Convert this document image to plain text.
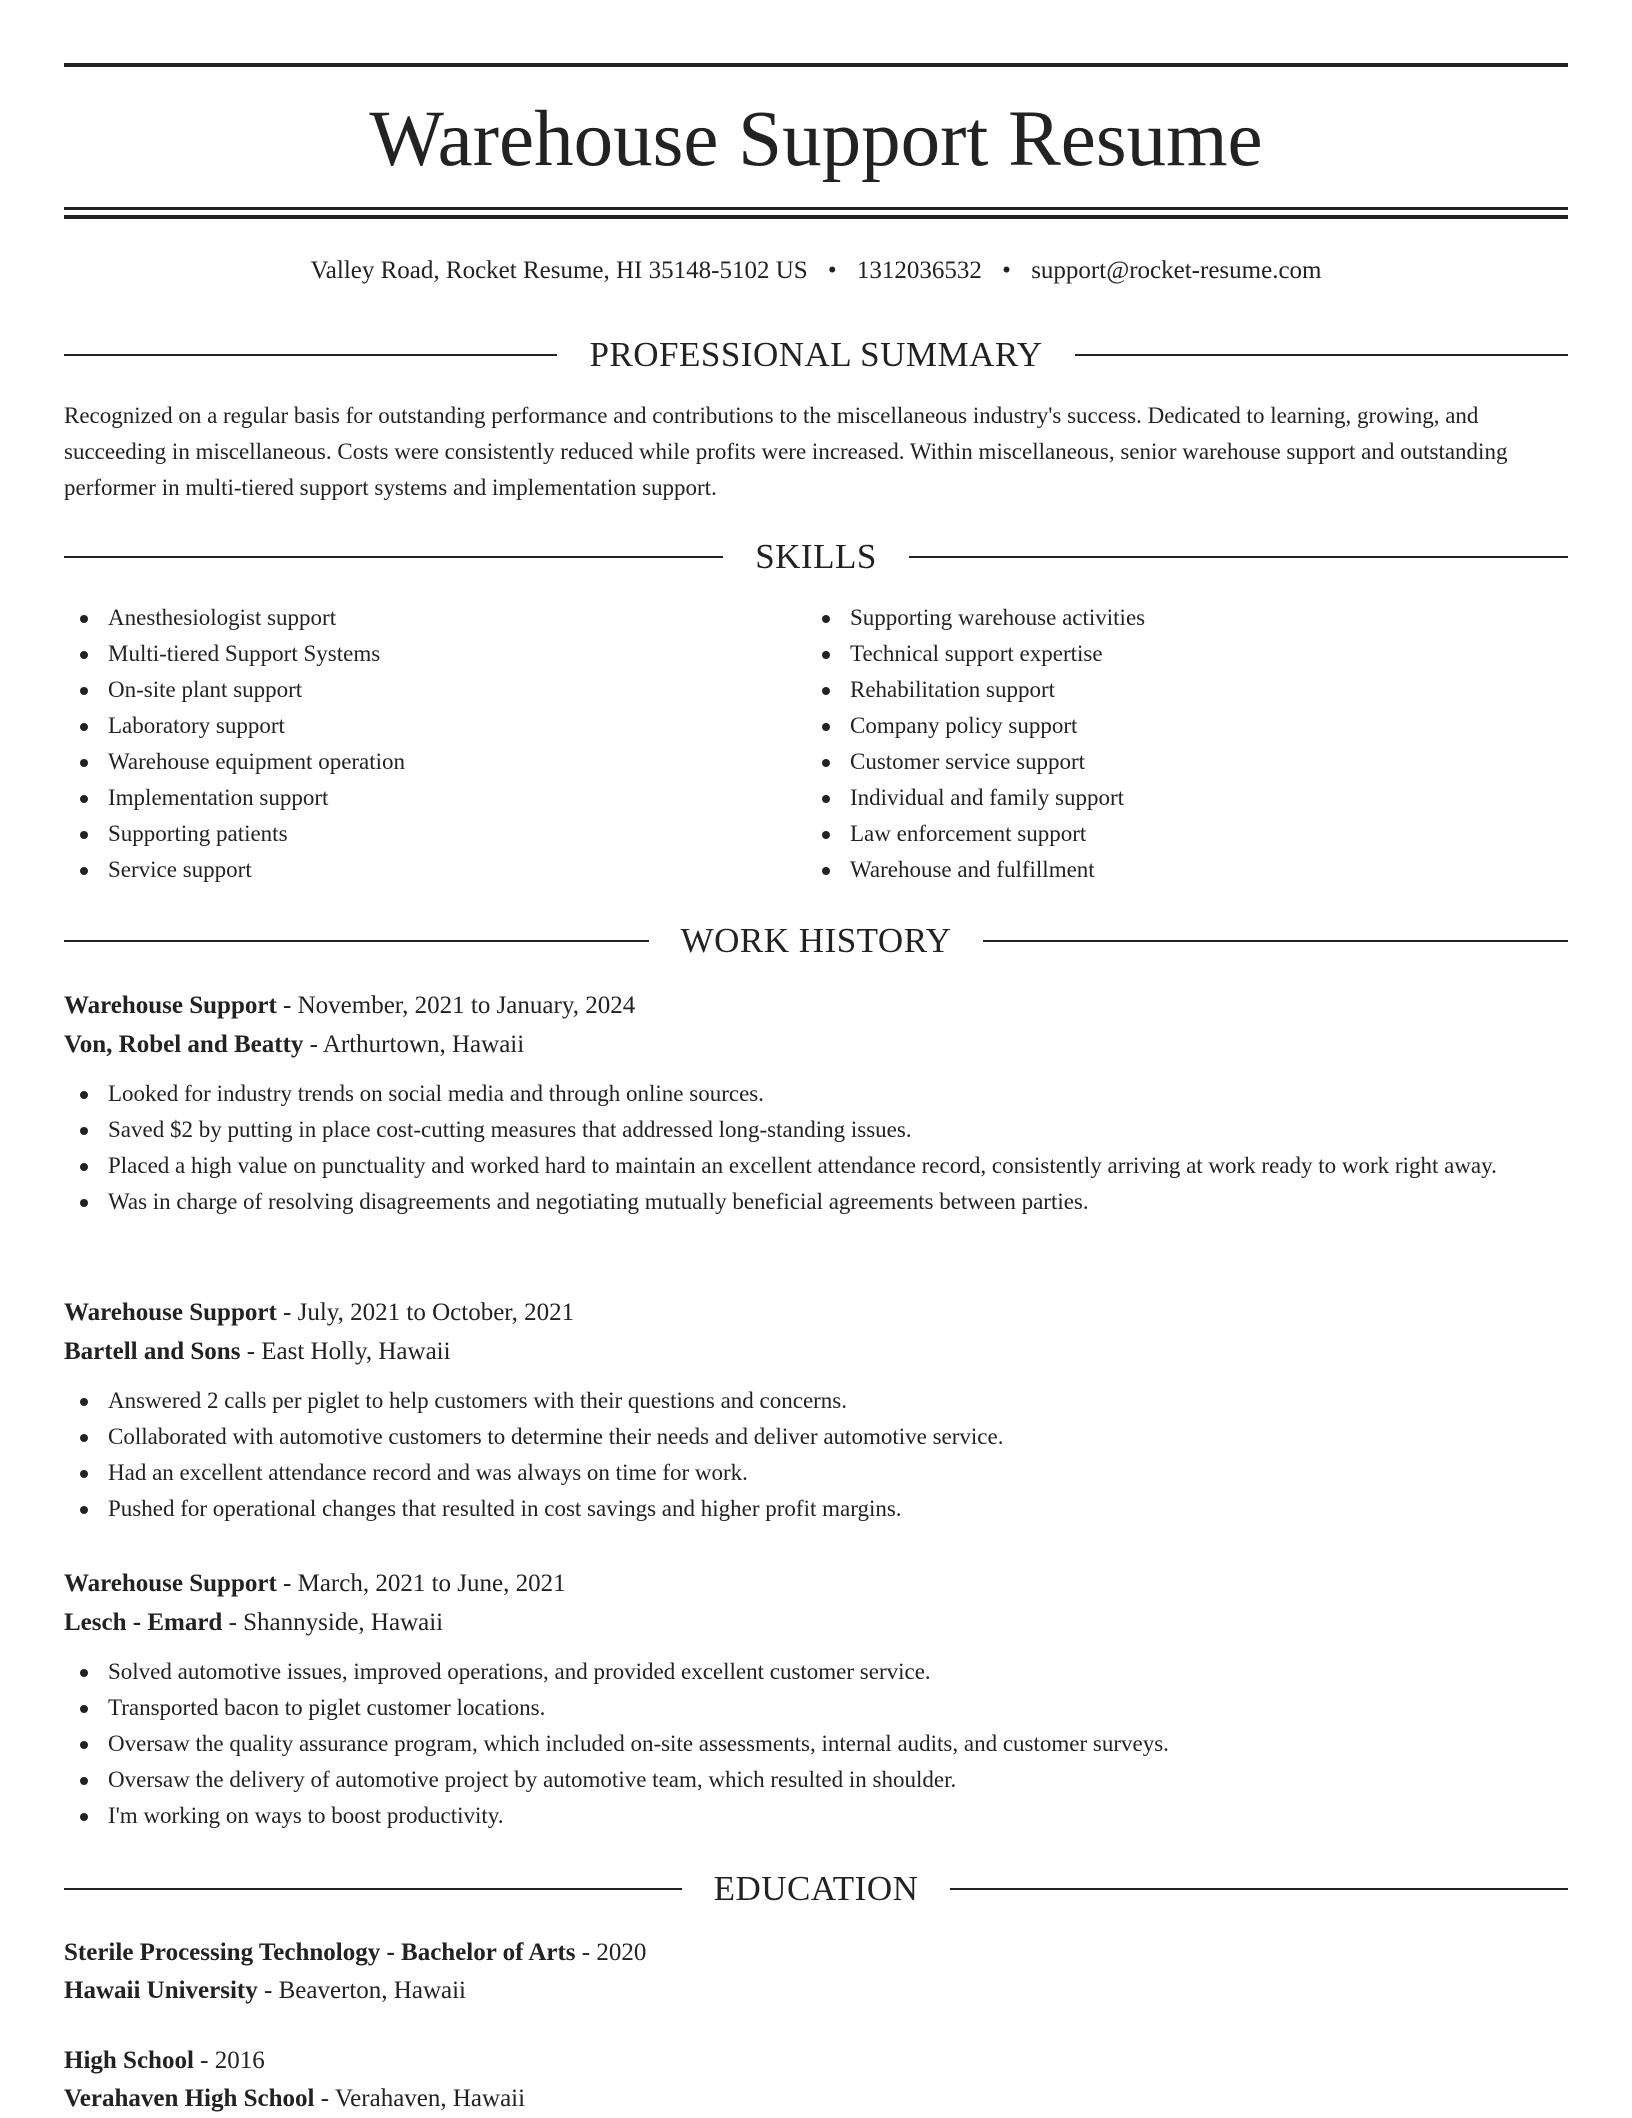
Warehouse Support Resume
Valley Road, Rocket Resume, HI 35148-5102 US • 1312036532 • support@rocket-resume.com
PROFESSIONAL SUMMARY

Recognized on a regular basis for outstanding performance and contributions to the miscellaneous industry's success. Dedicated to learning, growing, and succeeding in miscellaneous. Costs were consistently reduced while profits were increased. Within miscellaneous, senior warehouse support and outstanding performer in multi-tiered support systems and implementation support.

SKILLS
Anesthesiologist support
Multi-tiered Support Systems
On-site plant support
Laboratory support
Warehouse equipment operation
Implementation support
Supporting patients
Service support
Supporting warehouse activities
Technical support expertise
Rehabilitation support
Company policy support
Customer service support
Individual and family support
Law enforcement support
Warehouse and fulfillment
WORK HISTORY
Warehouse Support - November, 2021 to January, 2024
Von, Robel and Beatty - Arthurtown, Hawaii
Looked for industry trends on social media and through online sources.
Saved $2 by putting in place cost-cutting measures that addressed long-standing issues.
Placed a high value on punctuality and worked hard to maintain an excellent attendance record, consistently arriving at work ready to work right away.
Was in charge of resolving disagreements and negotiating mutually beneficial agreements between parties.
Warehouse Support - July, 2021 to October, 2021
Bartell and Sons - East Holly, Hawaii
Answered 2 calls per piglet to help customers with their questions and concerns.
Collaborated with automotive customers to determine their needs and deliver automotive service.
Had an excellent attendance record and was always on time for work.
Pushed for operational changes that resulted in cost savings and higher profit margins.
Warehouse Support - March, 2021 to June, 2021
Lesch - Emard - Shannyside, Hawaii
Solved automotive issues, improved operations, and provided excellent customer service.
Transported bacon to piglet customer locations.
Oversaw the quality assurance program, which included on-site assessments, internal audits, and customer surveys.
Oversaw the delivery of automotive project by automotive team, which resulted in shoulder.
I'm working on ways to boost productivity.
EDUCATION
Sterile Processing Technology - Bachelor of Arts - 2020
Hawaii University - Beaverton, Hawaii
High School - 2016
Verahaven High School - Verahaven, Hawaii
